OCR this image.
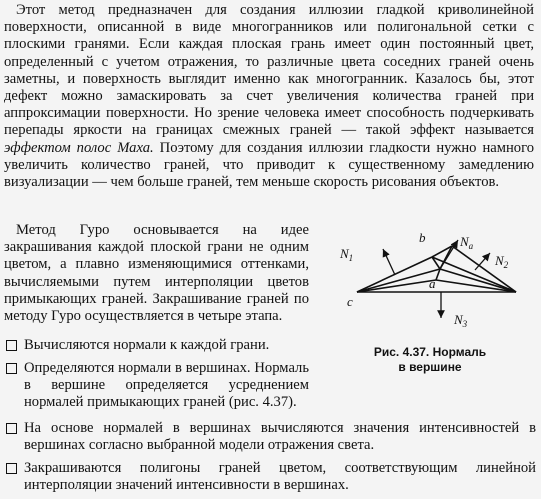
Этот метод предназначен для создания иллюзии гладкой криволинейной поверхности, описанной в виде многогранников или полигональной сетки с плоскими гранями. Если каждая плоская грань имеет один постоянный цвет, определенный с учетом отражения, то различные цвета соседних граней очень заметны, и поверхность выглядит именно как многогранник. Казалось бы, этот дефект можно замаскировать за счет увеличения количества граней при аппроксимации поверхности. Но зрение человека имеет способность подчеркивать перепады яркости на границах смежных граней — такой эффект называется эффектом полос Маха. Поэтому для создания иллюзии гладкости нужно намного увеличить количество граней, что приводит к существенному замедлению визуализации — чем больше граней, тем меньше скорость рисования объектов.

Метод Гуро основывается на идее закрашивания каждой плоской грани не одним цветом, а плавно изменяющимися оттенками, вычисляемыми путем интерполяции цветов примыкающих граней. Закрашивание граней по методу Гуро осуществляется в четыре этапа.

Вычисляются нормали к каждой грани.

Определяются нормали в вершинах. Нормаль в вершине определяется усреднением нормалей примыкающих граней (рис. 4.37).

На основе нормалей в вершинах вычисляются значения интенсивностей в вершинах согласно выбранной модели отражения света.

Закрашиваются полигоны граней цветом, соответствующим линейной интерполяции значений интенсивности в вершинах.

b
c
a
$N_1$	$N_2$
$N_3$
$N_a$
Рис. 4.37. Нормаль
в вершине
